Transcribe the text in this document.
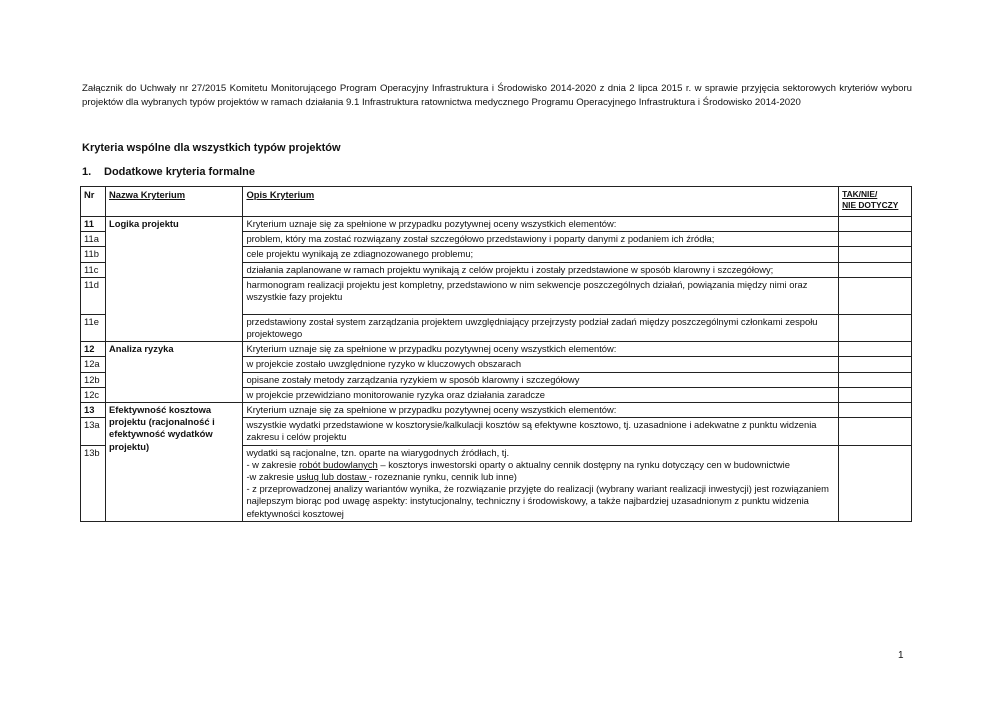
Załącznik do Uchwały nr 27/2015 Komitetu Monitorującego Program Operacyjny Infrastruktura i Środowisko 2014-2020 z dnia 2 lipca 2015 r. w sprawie przyjęcia sektorowych kryteriów wyboru projektów dla wybranych typów projektów w ramach działania 9.1 Infrastruktura ratownictwa medycznego Programu Operacyjnego Infrastruktura i Środowisko 2014-2020
Kryteria wspólne dla wszystkich typów projektów
1. Dodatkowe kryteria formalne
Nr	Nazwa Kryterium	Opis Kryterium	TAK/NIE/
NIE DOTYCZY
11	Logika projektu	Kryterium uznaje się za spełnione w przypadku pozytywnej oceny wszystkich elementów:	
11a		problem, który ma zostać rozwiązany został szczegółowo przedstawiony i poparty danymi z podaniem ich źródła;	
11b		cele projektu wynikają ze zdiagnozowanego problemu;	
11c		działania zaplanowane w ramach projektu wynikają z celów projektu i zostały przedstawione w sposób klarowny i szczegółowy;	
11d		harmonogram realizacji projektu jest kompletny, przedstawiono w nim sekwencje poszczególnych działań, powiązania między nimi oraz wszystkie fazy projektu	
11e		przedstawiony został system zarządzania projektem uwzględniający przejrzysty podział zadań między poszczególnymi członkami zespołu projektowego	
12	Analiza ryzyka	Kryterium uznaje się za spełnione w przypadku pozytywnej oceny wszystkich elementów:	
12a		w projekcie zostało uwzględnione ryzyko w kluczowych obszarach	
12b		opisane zostały metody zarządzania ryzykiem w sposób klarowny i szczegółowy	
12c		w projekcie przewidziano monitorowanie ryzyka oraz działania zaradcze	
13	Efektywność kosztowa projektu (racjonalność i efektywność wydatków projektu)	Kryterium uznaje się za spełnione w przypadku pozytywnej oceny wszystkich elementów:	
13a		wszystkie wydatki przedstawione w kosztorysie/kalkulacji kosztów są efektywne kosztowo, tj. uzasadnione i adekwatne z punktu widzenia zakresu i celów projektu	
13b		wydatki są racjonalne, tzn. oparte na wiarygodnych źródłach, tj.
- w zakresie robót budowlanych – kosztorys inwestorski oparty o aktualny cennik dostępny na rynku dotyczący cen w budownictwie
-w zakresie usług lub dostaw - rozeznanie rynku, cennik lub inne)
- z przeprowadzonej analizy wariantów wynika, że rozwiązanie przyjęte do realizacji (wybrany wariant realizacji inwestycji) jest rozwiązaniem najlepszym biorąc pod uwagę aspekty: instytucjonalny, techniczny i środowiskowy, a także najbardziej uzasadnionym z punktu widzenia efektywności kosztowej	

1
